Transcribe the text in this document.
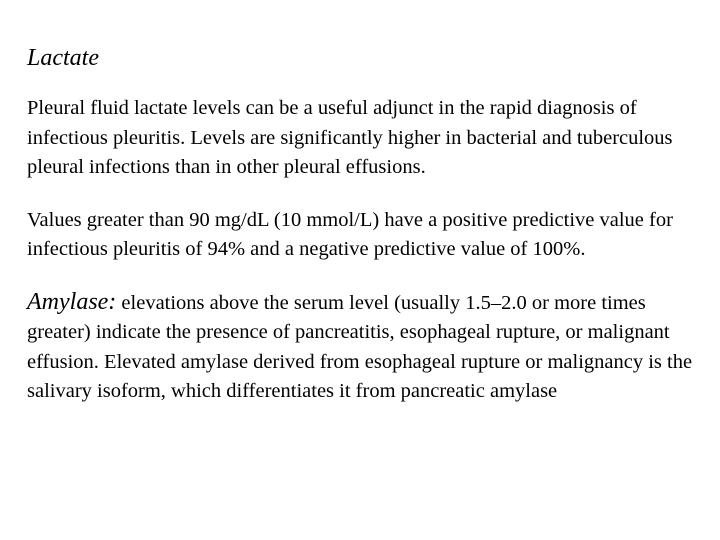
Lactate

Pleural fluid lactate levels can be a useful adjunct in the rapid diagnosis of infectious pleuritis. Levels are significantly higher in bacterial and tuberculous pleural infections than in other pleural effusions.

Values greater than 90 mg/dL (10 mmol/L) have a positive predictive value for infectious pleuritis of 94% and a negative predictive value of 100%.

Amylase: elevations above the serum level (usually 1.5–2.0 or more times greater) indicate the presence of pancreatitis, esophageal rupture, or malignant effusion. Elevated amylase derived from esophageal rupture or malignancy is the salivary isoform, which differentiates it from pancreatic amylase
